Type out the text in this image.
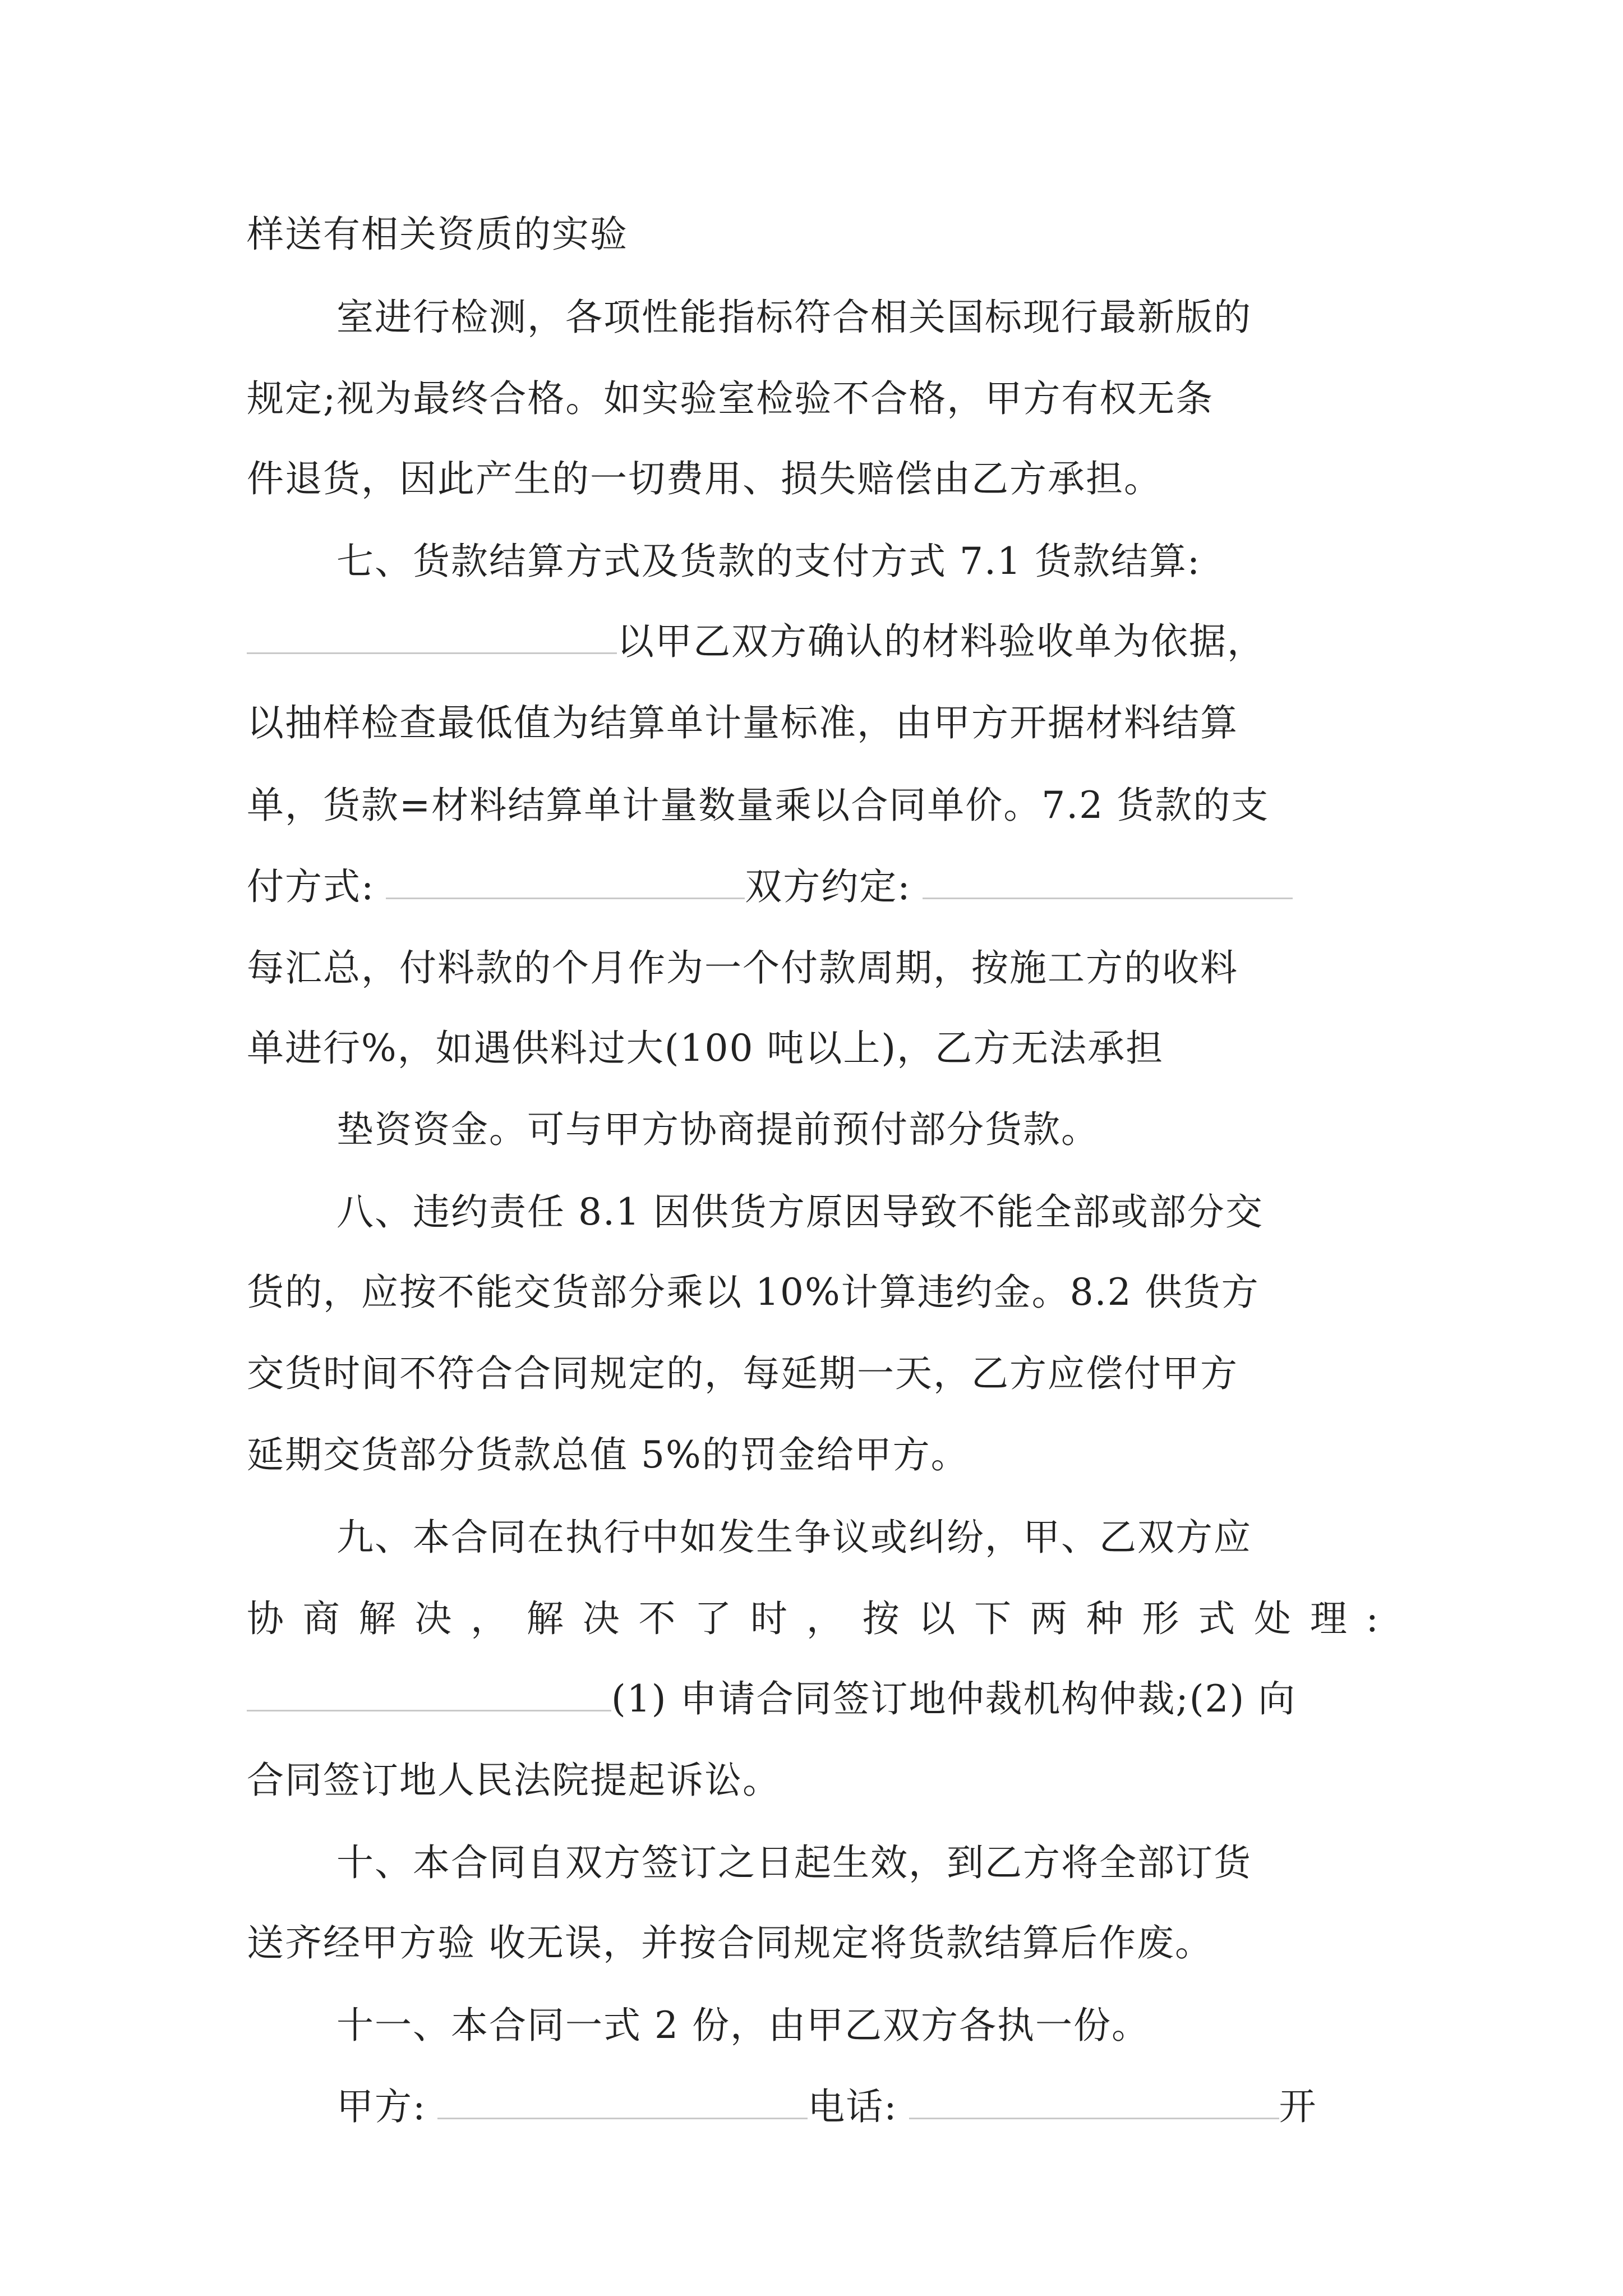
样送有相关资质的实验
室进行检测，各项性能指标符合相关国标现行最新版的
规定;视为最终合格。如实验室检验不合格，甲方有权无条
件退货，因此产生的一切费用、损失赔偿由乙方承担。
七、货款结算方式及货款的支付方式 7.1 货款结算:
以甲乙双方确认的材料验收单为依据，
以抽样检查最低值为结算单计量标准，由甲方开据材料结算
单，货款=材料结算单计量数量乘以合同单价。7.2 货款的支
付方式:	双方约定:
每汇总，付料款的个月作为一个付款周期，按施工方的收料
单进行%，如遇供料过大(100 吨以上)，乙方无法承担
垫资资金。可与甲方协商提前预付部分货款。
八、违约责任 8.1 因供货方原因导致不能全部或部分交
货的，应按不能交货部分乘以 10%计算违约金。8.2 供货方
交货时间不符合合同规定的，每延期一天，乙方应偿付甲方
延期交货部分货款总值 5%的罚金给甲方。
九、本合同在执行中如发生争议或纠纷，甲、乙双方应
协 商 解 决 ， 解 决 不 了 时 ， 按 以 下 两 种 形 式 处 理 :
(1) 申请合同签订地仲裁机构仲裁;(2) 向
合同签订地人民法院提起诉讼。
十、本合同自双方签订之日起生效，到乙方将全部订货
送齐经甲方验 收无误，并按合同规定将货款结算后作废。
十一、本合同一式 2 份，由甲乙双方各执一份。
甲方:	电话:	开
